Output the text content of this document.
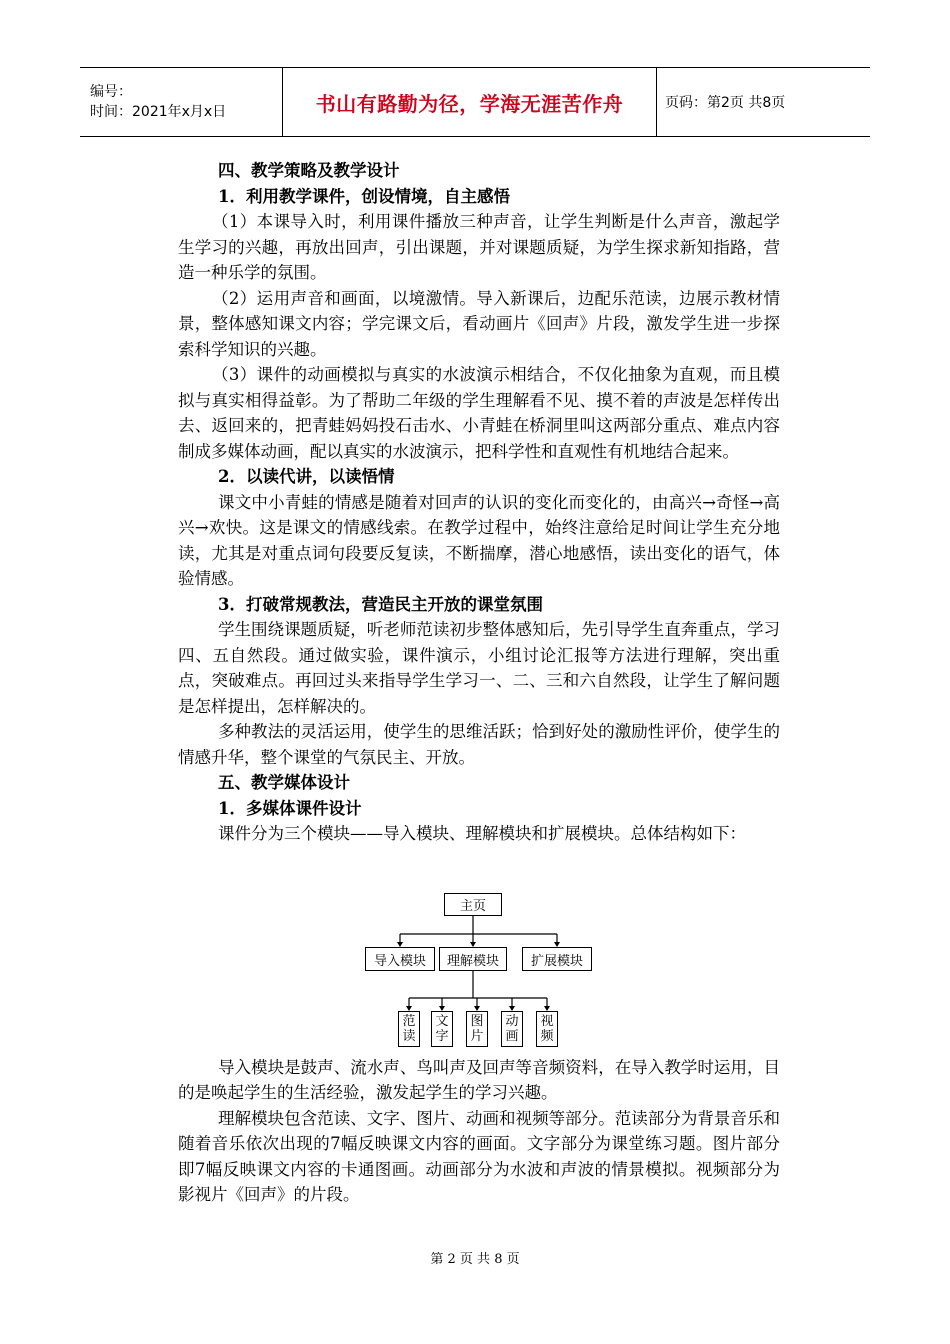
编号：
时间：2021年x月x日	书山有路勤为径，学海无涯苦作舟	页码：第2页 共8页

四、教学策略及教学设计

1．利用教学课件，创设情境，自主感悟

（1）本课导入时，利用课件播放三种声音，让学生判断是什么声音，激起学生学习的兴趣，再放出回声，引出课题，并对课题质疑，为学生探求新知指路，营造一种乐学的氛围。

（2）运用声音和画面，以境激情。导入新课后，边配乐范读，边展示教材情景，整体感知课文内容；学完课文后，看动画片《回声》片段，激发学生进一步探索科学知识的兴趣。

（3）课件的动画模拟与真实的水波演示相结合，不仅化抽象为直观，而且模拟与真实相得益彰。为了帮助二年级的学生理解看不见、摸不着的声波是怎样传出去、返回来的，把青蛙妈妈投石击水、小青蛙在桥洞里叫这两部分重点、难点内容制成多媒体动画，配以真实的水波演示，把科学性和直观性有机地结合起来。

2．以读代讲，以读悟情

课文中小青蛙的情感是随着对回声的认识的变化而变化的，由高兴→奇怪→高兴→欢快。这是课文的情感线索。在教学过程中，始终注意给足时间让学生充分地读，尤其是对重点词句段要反复读，不断揣摩，潜心地感悟，读出变化的语气，体验情感。

3．打破常规教法，营造民主开放的课堂氛围

学生围绕课题质疑，听老师范读初步整体感知后，先引导学生直奔重点，学习四、五自然段。通过做实验，课件演示，小组讨论汇报等方法进行理解，突出重点，突破难点。再回过头来指导学生学习一、二、三和六自然段，让学生了解问题是怎样提出，怎样解决的。

多种教法的灵活运用，使学生的思维活跃；恰到好处的激励性评价，使学生的情感升华，整个课堂的气氛民主、开放。

五、教学媒体设计

1．多媒体课件设计

课件分为三个模块——导入模块、理解模块和扩展模块。总体结构如下：

导入模块是鼓声、流水声、鸟叫声及回声等音频资料，在导入教学时运用，目的是唤起学生的生活经验，激发起学生的学习兴趣。

理解模块包含范读、文字、图片、动画和视频等部分。范读部分为背景音乐和随着音乐依次出现的7幅反映课文内容的画面。文字部分为课堂练习题。图片部分即7幅反映课文内容的卡通图画。动画部分为水波和声波的情景模拟。视频部分为影视片《回声》的片段。

主页
导入模块 理解模块 扩展模块
范读
文字
图片
动画
视频
第 2 页 共 8 页
